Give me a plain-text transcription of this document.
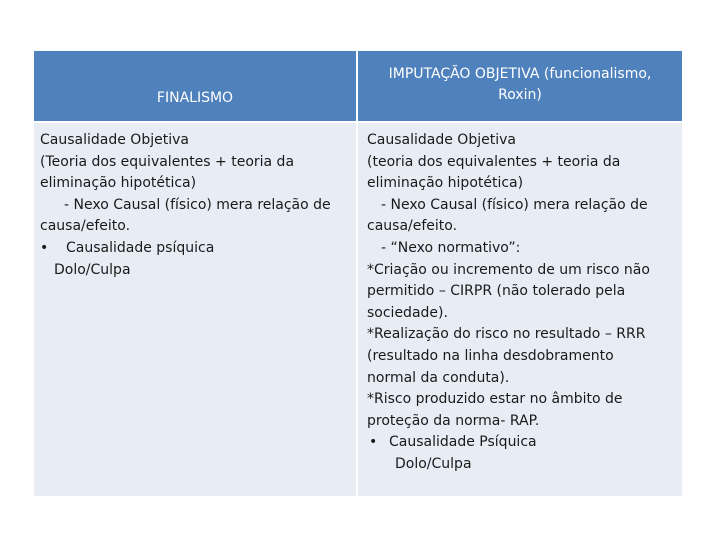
FINALISMO
IMPUTAÇÃO OBJETIVA (funcionalismo, Roxin)
Causalidade Objetiva
(Teoria dos equivalentes + teoria da
eliminação hipotética)
- Nexo Causal (físico) mera relação de
causa/efeito.
•	Causalidade psíquica
Dolo/Culpa
Causalidade Objetiva
(teoria dos equivalentes + teoria da
eliminação hipotética)
- Nexo Causal (físico) mera relação de
causa/efeito.
- “Nexo normativo”:
*Criação ou incremento de um risco não
permitido – CIRPR (não tolerado pela
sociedade).
*Realização do risco no resultado – RRR
(resultado na linha desdobramento
normal da conduta).
*Risco produzido estar no âmbito de
proteção da norma- RAP.
• Causalidade Psíquica
Dolo/Culpa
